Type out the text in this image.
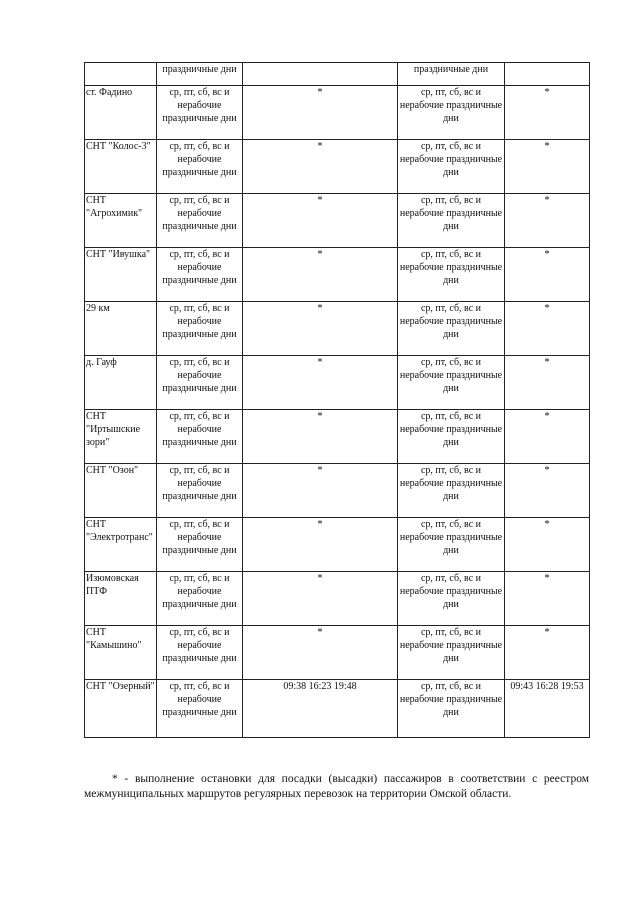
	праздничные дни		праздничные дни	
ст. Фадино	ср, пт, сб, вс и нерабочие праздничные дни	*	ср, пт, сб, вс и нерабочие праздничные дни	*
СНТ "Колос-3"	ср, пт, сб, вс и нерабочие праздничные дни	*	ср, пт, сб, вс и нерабочие праздничные дни	*
СНТ "Агрохимик"	ср, пт, сб, вс и нерабочие праздничные дни	*	ср, пт, сб, вс и нерабочие праздничные дни	*
СНТ "Ивушка"	ср, пт, сб, вс и нерабочие праздничные дни	*	ср, пт, сб, вс и нерабочие праздничные дни	*
29 км	ср, пт, сб, вс и нерабочие праздничные дни	*	ср, пт, сб, вс и нерабочие праздничные дни	*
д. Гауф	ср, пт, сб, вс и нерабочие праздничные дни	*	ср, пт, сб, вс и нерабочие праздничные дни	*
СНТ "Иртышские зори"	ср, пт, сб, вс и нерабочие праздничные дни	*	ср, пт, сб, вс и нерабочие праздничные дни	*
СНТ "Озон"	ср, пт, сб, вс и нерабочие праздничные дни	*	ср, пт, сб, вс и нерабочие праздничные дни	*
СНТ "Электротранс"	ср, пт, сб, вс и нерабочие праздничные дни	*	ср, пт, сб, вс и нерабочие праздничные дни	*
Изюмовская ПТФ	ср, пт, сб, вс и нерабочие праздничные дни	*	ср, пт, сб, вс и нерабочие праздничные дни	*
СНТ "Камышино"	ср, пт, сб, вс и нерабочие праздничные дни	*	ср, пт, сб, вс и нерабочие праздничные дни	*
СНТ "Озерный"	ср, пт, сб, вс и нерабочие праздничные дни	09:38 16:23 19:48	ср, пт, сб, вс и нерабочие праздничные дни	09:43 16:28 19:53

* - выполнение остановки для посадки (высадки) пассажиров в соответствии с реестром межмуниципальных маршрутов регулярных перевозок на территории Омской области.
